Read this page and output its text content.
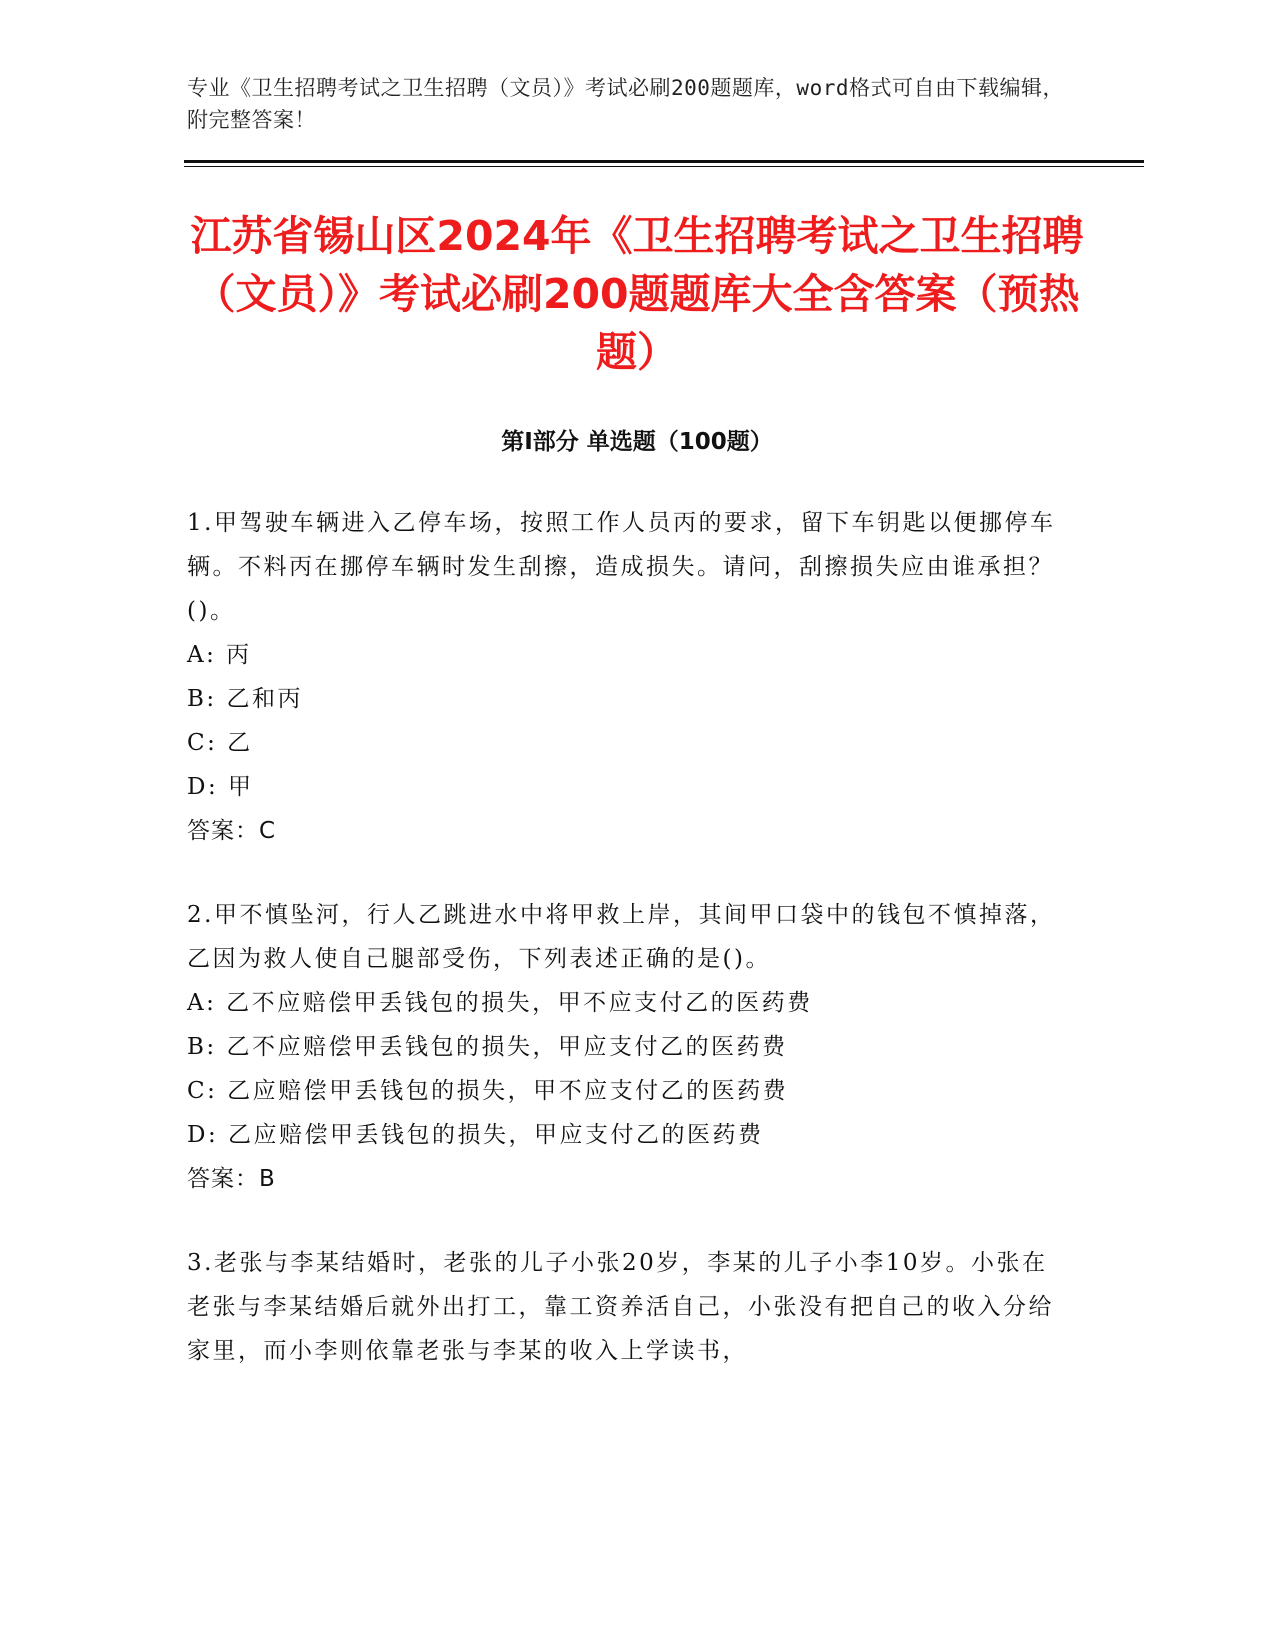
专业《卫生招聘考试之卫生招聘（文员）》考试必刷200题题库，word格式可自由下载编辑，附完整答案！
江苏省锡山区2024年《卫生招聘考试之卫生招聘（文员）》考试必刷200题题库大全含答案（预热题）
第Ⅰ部分 单选题（100题）
1.甲驾驶车辆进入乙停车场，按照工作人员丙的要求，留下车钥匙以便挪停车辆。不料丙在挪停车辆时发生刮擦，造成损失。请问，刮擦损失应由谁承担？()。
A: 丙
B: 乙和丙
C: 乙
D: 甲
答案：C
2.甲不慎坠河，行人乙跳进水中将甲救上岸，其间甲口袋中的钱包不慎掉落，乙因为救人使自己腿部受伤，下列表述正确的是()。
A: 乙不应赔偿甲丢钱包的损失，甲不应支付乙的医药费
B: 乙不应赔偿甲丢钱包的损失，甲应支付乙的医药费
C: 乙应赔偿甲丢钱包的损失，甲不应支付乙的医药费
D: 乙应赔偿甲丢钱包的损失，甲应支付乙的医药费
答案：B
3.老张与李某结婚时，老张的儿子小张20岁，李某的儿子小李10岁。小张在老张与李某结婚后就外出打工，靠工资养活自己，小张没有把自己的收入分给家里，而小李则依靠老张与李某的收入上学读书，
